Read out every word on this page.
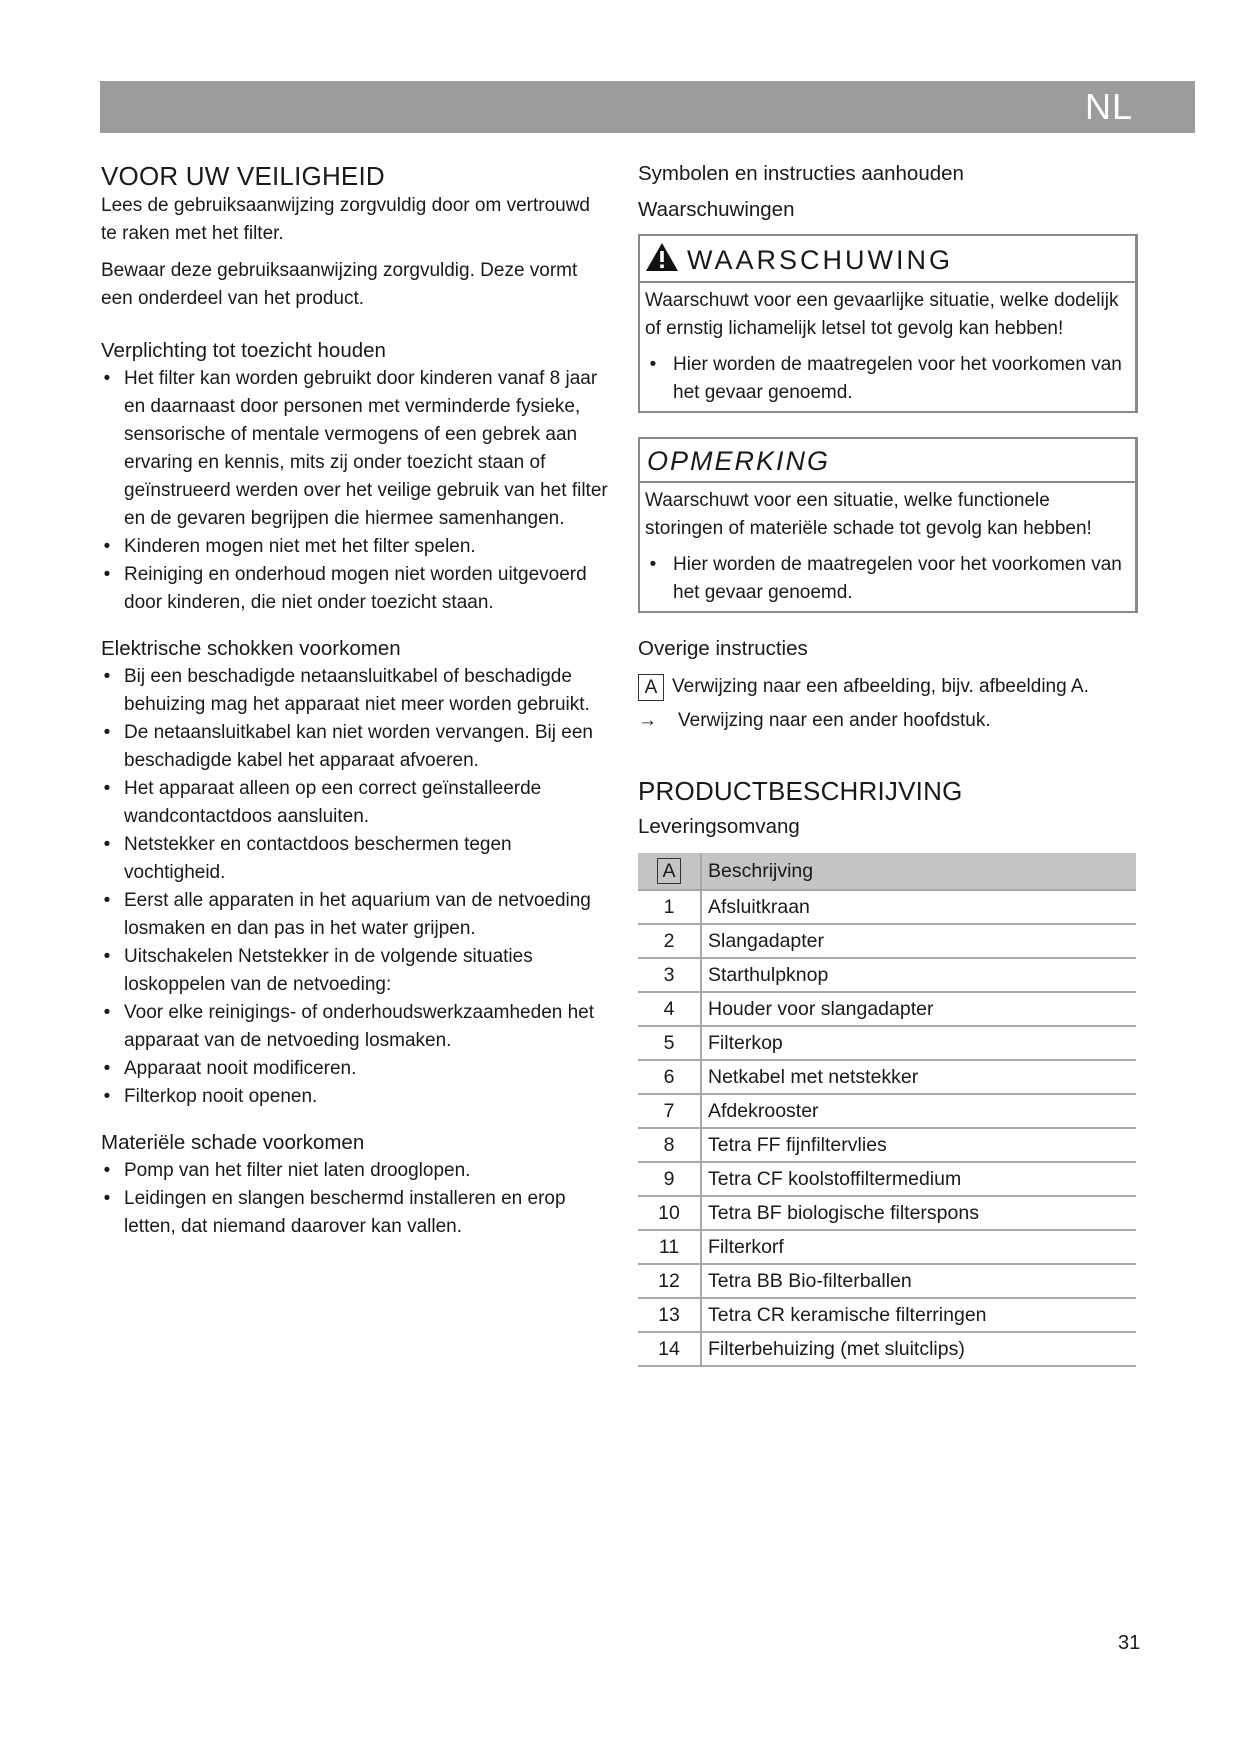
NL
VOOR UW VEILIGHEID

Lees de gebruiksaanwijzing zorgvuldig door om vertrouwd te raken met het filter.

Bewaar deze gebruiksaanwijzing zorgvuldig. Deze vormt een onderdeel van het product.

Verplichting tot toezicht houden
• Het filter kan worden gebruikt door kinderen vanaf 8 jaar en daarnaast door personen met verminderde fysieke, sensorische of mentale vermogens of een gebrek aan ervaring en kennis, mits zij onder toezicht staan of geïnstrueerd werden over het veilige gebruik van het filter en de gevaren begrijpen die hiermee samenhangen.
• Kinderen mogen niet met het filter spelen.
• Reiniging en onderhoud mogen niet worden uitgevoerd door kinderen, die niet onder toezicht staan.
Elektrische schokken voorkomen
• Bij een beschadigde netaansluitkabel of beschadigde behuizing mag het apparaat niet meer worden gebruikt.
• De netaansluitkabel kan niet worden vervangen. Bij een beschadigde kabel het apparaat afvoeren.
• Het apparaat alleen op een correct geïnstalleerde wandcontactdoos aansluiten.
• Netstekker en contactdoos beschermen tegen vochtigheid.
• Eerst alle apparaten in het aquarium van de netvoeding losmaken en dan pas in het water grijpen.
• Uitschakelen Netstekker in de volgende situaties loskoppelen van de netvoeding:
• Voor elke reinigings- of onderhoudswerkzaamheden het apparaat van de netvoeding losmaken.
• Apparaat nooit modificeren.
• Filterkop nooit openen.
Materiële schade voorkomen
• Pomp van het filter niet laten drooglopen.
• Leidingen en slangen beschermd installeren en erop letten, dat niemand daarover kan vallen.
Symbolen en instructies aanhouden
Waarschuwingen
WAARSCHUWING

Waarschuwt voor een gevaarlijke situatie, welke dodelijk of ernstig lichamelijk letsel tot gevolg kan hebben!

• Hier worden de maatregelen voor het voorkomen van het gevaar genoemd.
OPMERKING

Waarschuwt voor een situatie, welke functionele storingen of materiële schade tot gevolg kan hebben!

• Hier worden de maatregelen voor het voorkomen van het gevaar genoemd.
Overige instructies
A Verwijzing naar een afbeelding, bijv. afbeelding A.
→	Verwijzing naar een ander hoofdstuk.
PRODUCTBESCHRIJVING
Leveringsomvang
A	Beschrijving
1	Afsluitkraan
2	Slangadapter
3	Starthulpknop
4	Houder voor slangadapter
5	Filterkop
6	Netkabel met netstekker
7	Afdekrooster
8	Tetra FF fijnfiltervlies
9	Tetra CF koolstoffiltermedium
10	Tetra BF biologische filterspons
11	Filterkorf
12	Tetra BB Bio-filterballen
13	Tetra CR keramische filterringen
14	Filterbehuizing (met sluitclips)
31
